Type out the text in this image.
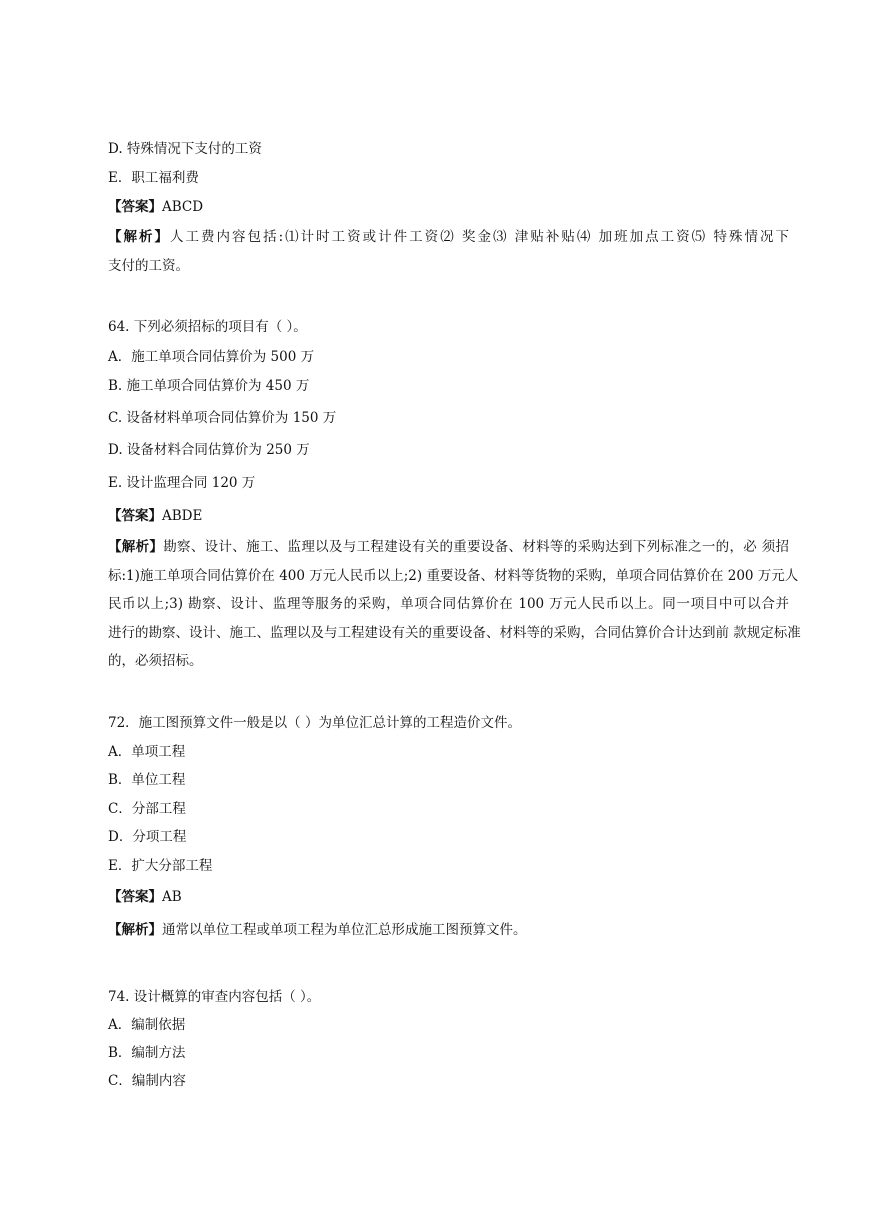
D. 特殊情况下支付的工资
E．职工福利费
【答案】ABCD
【解析】人工费内容包括:⑴计时工资或计件工资⑵ 奖金⑶ 津贴补贴⑷ 加班加点工资⑸ 特殊情况下
支付的工资。
64. 下列必须招标的项目有（ ）。
A．施工单项合同估算价为 500 万
B. 施工单项合同估算价为 450 万
C. 设备材料单项合同估算价为 150 万
D. 设备材料合同估算价为 250 万
E. 设计监理合同 120 万
【答案】ABDE
【解析】勘察、设计、施工、监理以及与工程建设有关的重要设备、材料等的采购达到下列标准之一的，必 须招
标:1)施工单项合同估算价在 400 万元人民币以上;2) 重要设备、材料等货物的采购，单项合同估算价在 200 万元人
民币以上;3) 勘察、设计、监理等服务的采购，单项合同估算价在 100 万元人民币以上。同一项目中可以合并
进行的勘察、设计、施工、监理以及与工程建设有关的重要设备、材料等的采购，合同估算价合计达到前 款规定标准
的，必须招标。
72．施工图预算文件一般是以（ ）为单位汇总计算的工程造价文件。
A．单项工程
B．单位工程
C．分部工程
D．分项工程
E．扩大分部工程
【答案】AB
【解析】通常以单位工程或单项工程为单位汇总形成施工图预算文件。
74. 设计概算的审查内容包括（ ）。
A．编制依据
B．编制方法
C．编制内容
